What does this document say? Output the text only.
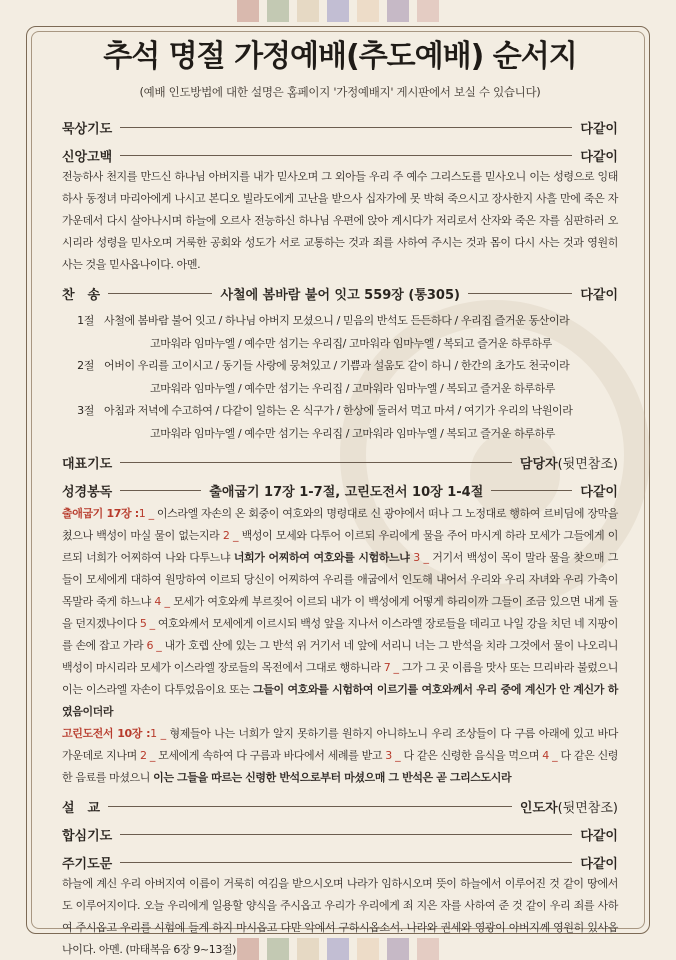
추석 명절 가정예배(추도예배) 순서지

(예배 인도방법에 대한 설명은 홈페이지 '가정예배지' 게시판에서 보실 수 있습니다)

묵상기도	다같이
신앙고백	다같이

전능하사 천지를 만드신 하나님 아버지를 내가 믿사오며 그 외아들 우리 주 예수 그리스도를 믿사오니 이는 성령으로 잉태하사 동정녀 마리아에게 나시고 본디오 빌라도에게 고난을 받으사 십자가에 못 박혀 죽으시고 장사한지 사흘 만에 죽은 자 가운데서 다시 살아나시며 하늘에 오르사 전능하신 하나님 우편에 앉아 계시다가 저리로서 산자와 죽은 자를 심판하러 오시리라 성령을 믿사오며 거룩한 공회와 성도가 서로 교통하는 것과 죄를 사하여 주시는 것과 몸이 다시 사는 것과 영원히 사는 것을 믿사옵나이다. 아멘.

찬　송	사철에 봄바람 불어 잇고 559장 (통305)	다같이
1절 사철에 봄바람 불어 잇고 / 하나님 아버지 모셨으니 / 믿음의 반석도 든든하다 / 우리집 즐거운 동산이라
고마워라 임마누엘 / 예수만 섬기는 우리집/ 고마워라 임마누엘 / 복되고 즐거운 하루하루
2절 어버이 우리를 고이시고 / 동기들 사랑에 뭉쳐있고 / 기쁨과 설움도 같이 하니 / 한간의 초가도 천국이라
고마워라 임마누엘 / 예수만 섬기는 우리집 / 고마워라 임마누엘 / 복되고 즐거운 하루하루
3절 아침과 저녁에 수고하여 / 다같이 일하는 온 식구가 / 한상에 둘러서 먹고 마셔 / 여기가 우리의 낙원이라
고마워라 임마누엘 / 예수만 섬기는 우리집 / 고마워라 임마누엘 / 복되고 즐거운 하루하루
대표기도	담당자(뒷면참조)
성경봉독	출애굽기 17장 1-7절, 고린도전서 10장 1-4절	다같이

출애굽기 17장 :1 _ 이스라엘 자손의 온 회중이 여호와의 명령대로 신 광야에서 떠나 그 노정대로 행하여 르비딤에 장막을 쳤으나 백성이 마실 물이 없는지라 2 _ 백성이 모세와 다투어 이르되 우리에게 물을 주어 마시게 하라 모세가 그들에게 이르되 너희가 어찌하여 나와 다투느냐 너희가 어찌하여 여호와를 시험하느냐 3 _ 거기서 백성이 목이 말라 물을 찾으매 그들이 모세에게 대하여 원망하여 이르되 당신이 어찌하여 우리를 애굽에서 인도해 내어서 우리와 우리 자녀와 우리 가축이 목말라 죽게 하느냐 4 _ 모세가 여호와께 부르짖어 이르되 내가 이 백성에게 어떻게 하리이까 그들이 조금 있으면 내게 돌을 던지겠나이다 5 _ 여호와께서 모세에게 이르시되 백성 앞을 지나서 이스라엘 장로들을 데리고 나일 강을 치던 네 지팡이를 손에 잡고 가라 6 _ 내가 호렙 산에 있는 그 반석 위 거기서 네 앞에 서리니 너는 그 반석을 치라 그것에서 물이 나오리니 백성이 마시리라 모세가 이스라엘 장로들의 목전에서 그대로 행하니라 7 _ 그가 그 곳 이름을 맛사 또는 므리바라 불렀으니 이는 이스라엘 자손이 다투었음이요 또는 그들이 여호와를 시험하여 이르기를 여호와께서 우리 중에 계신가 안 계신가 하였음이더라

고린도전서 10장 :1 _ 형제들아 나는 너희가 알지 못하기를 원하지 아니하노니 우리 조상들이 다 구름 아래에 있고 바다 가운데로 지나며 2 _ 모세에게 속하여 다 구름과 바다에서 세례를 받고 3 _ 다 같은 신령한 음식을 먹으며 4 _ 다 같은 신령한 음료를 마셨으니 이는 그들을 따르는 신령한 반석으로부터 마셨으매 그 반석은 곧 그리스도시라

설　교	인도자(뒷면참조)
합심기도	다같이
주기도문	다같이

하늘에 계신 우리 아버지여 이름이 거룩히 여김을 받으시오며 나라가 임하시오며 뜻이 하늘에서 이루어진 것 같이 땅에서도 이루어지이다. 오늘 우리에게 일용할 양식을 주시옵고 우리가 우리에게 죄 지은 자를 사하여 준 것 같이 우리 죄를 사하여 주시옵고 우리를 시험에 들게 하지 마시옵고 다만 악에서 구하시옵소서. 나라와 권세와 영광이 아버지께 영원히 있사옵나이다. 아멘. (마태복음 6장 9~13절)
